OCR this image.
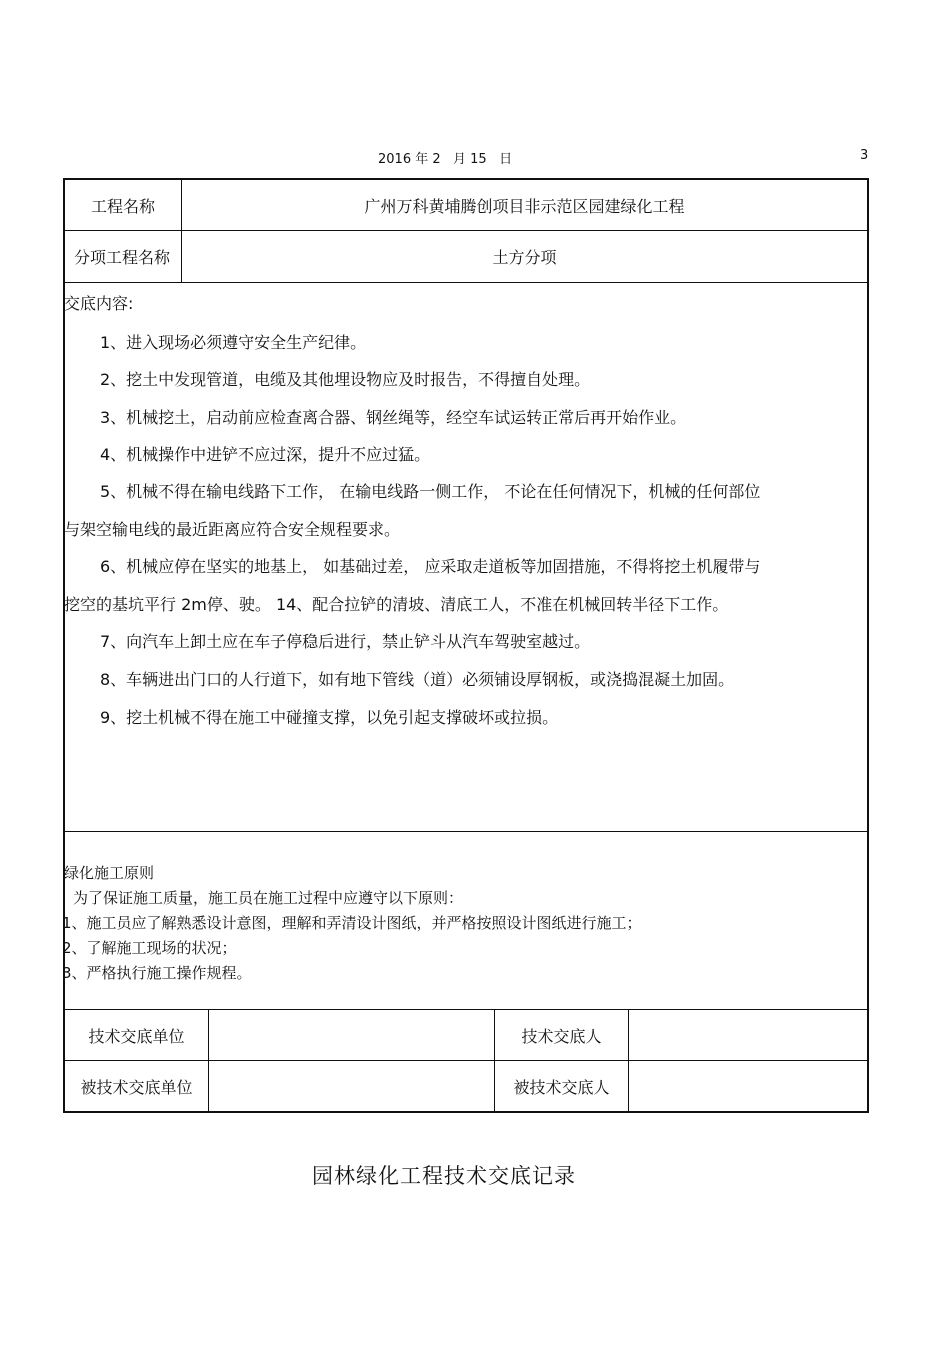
2016 年 2   月 15   日	3
工程名称	广州万科黄埔腾创项目非示范区园建绿化工程
分项工程名称	土方分项
交底内容:
1、进入现场必须遵守安全生产纪律。
2、挖土中发现管道，电缆及其他埋设物应及时报告，不得擅自处理。
3、机械挖土，启动前应检查离合器、钢丝绳等，经空车试运转正常后再开始作业。
4、机械操作中进铲不应过深，提升不应过猛。
5、机械不得在输电线路下工作， 在输电线路一侧工作， 不论在任何情况下，机械的任何部位
与架空输电线的最近距离应符合安全规程要求。
6、机械应停在坚实的地基上， 如基础过差， 应采取走道板等加固措施，不得将挖土机履带与
挖空的基坑平行 2m停、驶。 14、配合拉铲的清坡、清底工人，不准在机械回转半径下工作。
7、向汽车上卸土应在车子停稳后进行，禁止铲斗从汽车驾驶室越过。
8、车辆进出门口的人行道下，如有地下管线（道）必须铺设厚钢板，或浇捣混凝土加固。
9、挖土机械不得在施工中碰撞支撑，以免引起支撑破坏或拉损。
绿化施工原则
为了保证施工质量，施工员在施工过程中应遵守以下原则：
1、施工员应了解熟悉设计意图，理解和弄清设计图纸，并严格按照设计图纸进行施工；
2、了解施工现场的状况；
3、严格执行施工操作规程。
技术交底单位	技术交底人
被技术交底单位	被技术交底人
园林绿化工程技术交底记录
